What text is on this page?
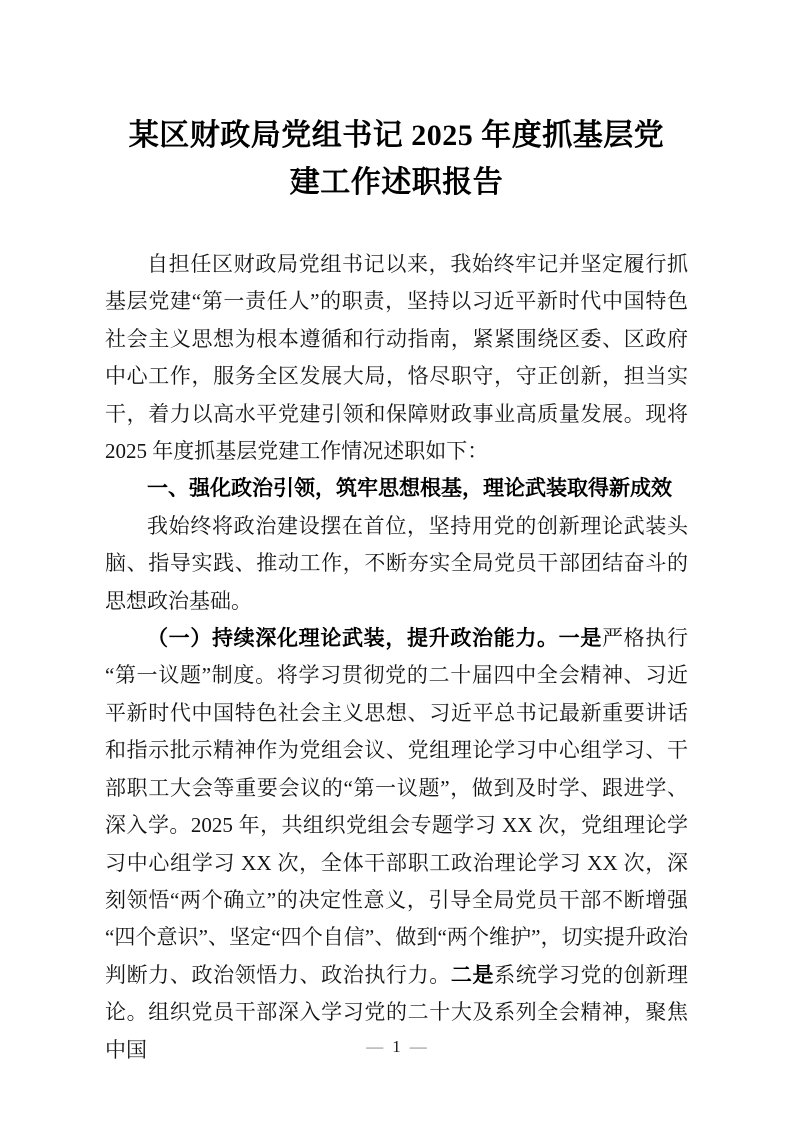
某区财政局党组书记 2025 年度抓基层党建工作述职报告

自担任区财政局党组书记以来，我始终牢记并坚定履行抓基层党建“第一责任人”的职责，坚持以习近平新时代中国特色社会主义思想为根本遵循和行动指南，紧紧围绕区委、区政府中心工作，服务全区发展大局，恪尽职守，守正创新，担当实干，着力以高水平党建引领和保障财政事业高质量发展。现将 2025 年度抓基层党建工作情况述职如下：

一、强化政治引领，筑牢思想根基，理论武装取得新成效

我始终将政治建设摆在首位，坚持用党的创新理论武装头脑、指导实践、推动工作，不断夯实全局党员干部团结奋斗的思想政治基础。

（一）持续深化理论武装，提升政治能力。一是严格执行“第一议题”制度。将学习贯彻党的二十届四中全会精神、习近平新时代中国特色社会主义思想、习近平总书记最新重要讲话和指示批示精神作为党组会议、党组理论学习中心组学习、干部职工大会等重要会议的“第一议题”，做到及时学、跟进学、深入学。2025 年，共组织党组会专题学习 XX 次，党组理论学习中心组学习 XX 次，全体干部职工政治理论学习 XX 次，深刻领悟“两个确立”的决定性意义，引导全局党员干部不断增强“四个意识”、坚定“四个自信”、做到“两个维护”，切实提升政治判断力、政治领悟力、政治执行力。二是系统学习党的创新理论。组织党员干部深入学习党的二十大及系列全会精神，聚焦中国	— 1 —
